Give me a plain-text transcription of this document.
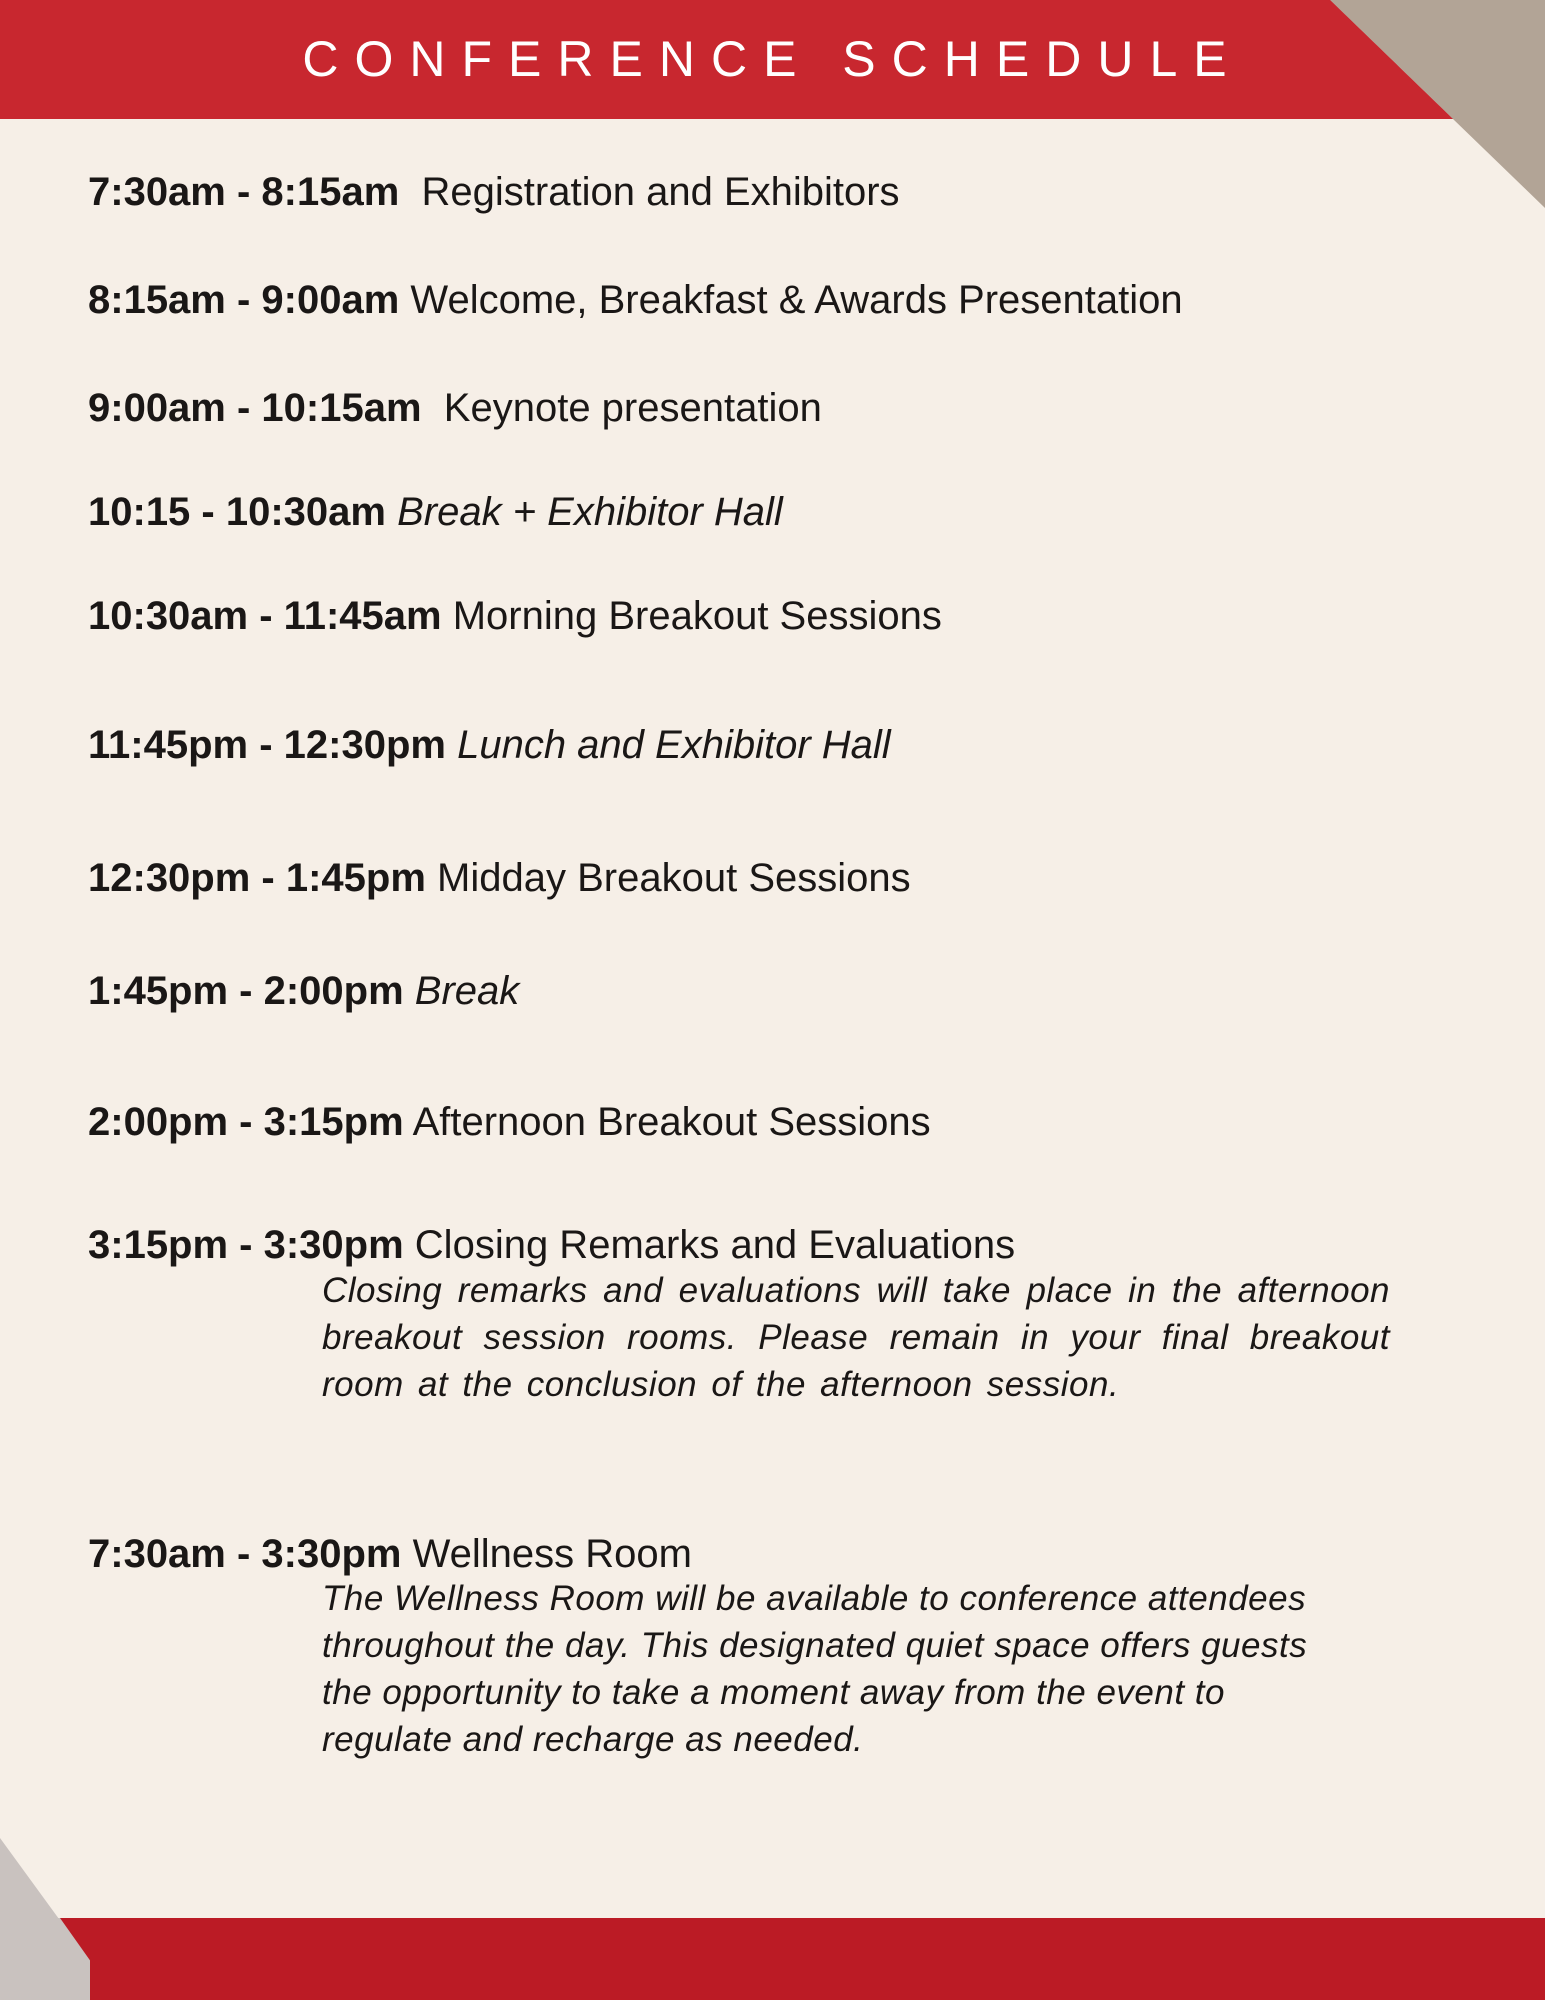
CONFERENCE SCHEDULE
7:30am - 8:15am Registration and Exhibitors
8:15am - 9:00am Welcome, Breakfast & Awards Presentation
9:00am - 10:15am Keynote presentation
10:15 - 10:30am Break + Exhibitor Hall
10:30am - 11:45am Morning Breakout Sessions
11:45pm - 12:30pm Lunch and Exhibitor Hall
12:30pm - 1:45pm Midday Breakout Sessions
1:45pm - 2:00pm Break
2:00pm - 3:15pm Afternoon Breakout Sessions
3:15pm - 3:30pm Closing Remarks and Evaluations
Closing remarks and evaluations will take place in the afternoon breakout session rooms. Please remain in your final breakout room at the conclusion of the afternoon session.
7:30am - 3:30pm Wellness Room
The Wellness Room will be available to conference attendees throughout the day. This designated quiet space offers guests the opportunity to take a moment away from the event to regulate and recharge as needed.
